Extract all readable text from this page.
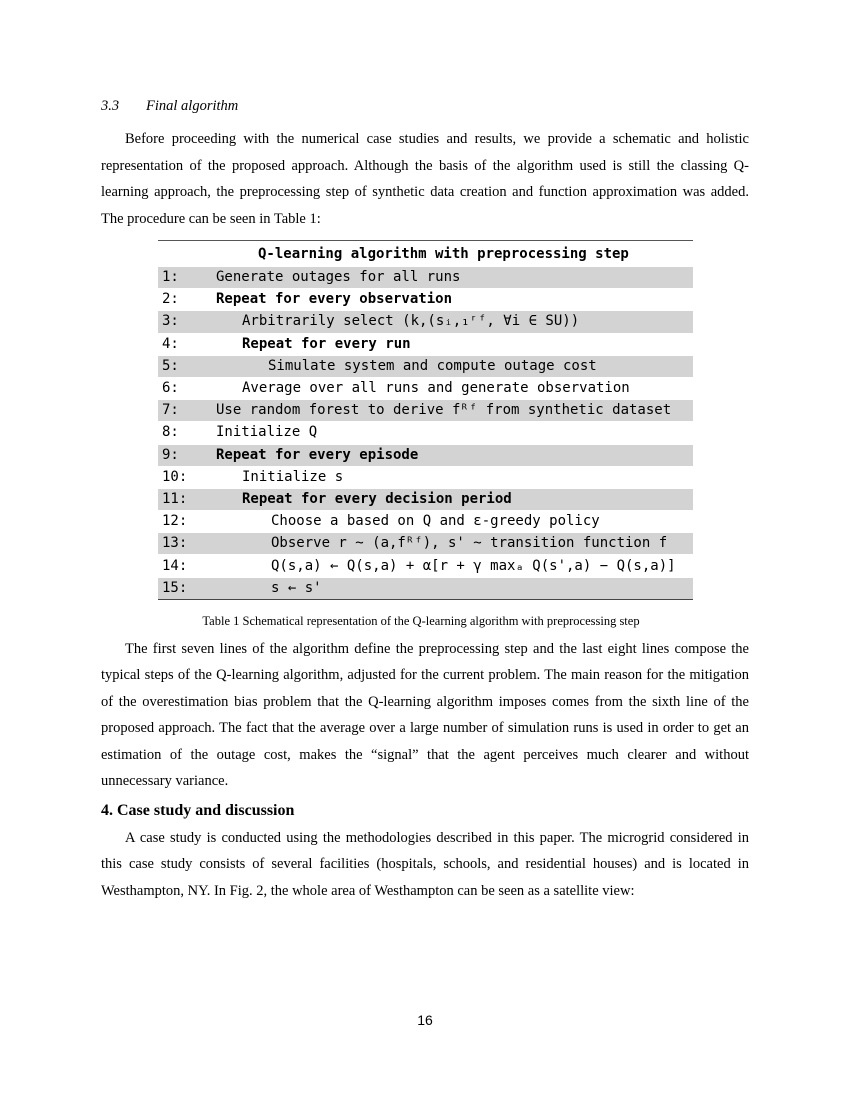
3.3 Final algorithm

Before proceeding with the numerical case studies and results, we provide a schematic and holistic representation of the proposed approach. Although the basis of the algorithm used is still the classing Q-learning approach, the preprocessing step of synthetic data creation and function approximation was added. The procedure can be seen in Table 1:

Q-learning algorithm with preprocessing step	
1:	Generate outages for all runs
2:	Repeat for every observation
3:	Arbitrarily select (k,(sᵢ,₁ʳᶠ, ∀i ∈ SU))
4:	Repeat for every run
5:	Simulate system and compute outage cost
6:	Average over all runs and generate observation
7:	Use random forest to derive fᴿᶠ from synthetic dataset
8:	Initialize Q
9:	Repeat for every episode
10:	Initialize s
11:	Repeat for every decision period
12:	Choose a based on Q and ε-greedy policy
13:	Observe r ~ (a,fᴿᶠ), s' ~ transition function f
14:	Q(s,a) ← Q(s,a) + α[r + γ maxₐ Q(s',a) − Q(s,a)]
15:	s ← s'
Table 1 Schematical representation of the Q-learning algorithm with preprocessing step

The first seven lines of the algorithm define the preprocessing step and the last eight lines compose the typical steps of the Q-learning algorithm, adjusted for the current problem. The main reason for the mitigation of the overestimation bias problem that the Q-learning algorithm imposes comes from the sixth line of the proposed approach. The fact that the average over a large number of simulation runs is used in order to get an estimation of the outage cost, makes the “signal” that the agent perceives much clearer and without unnecessary variance.

4. Case study and discussion

A case study is conducted using the methodologies described in this paper. The microgrid considered in this case study consists of several facilities (hospitals, schools, and residential houses) and is located in Westhampton, NY. In Fig. 2, the whole area of Westhampton can be seen as a satellite view:

16
